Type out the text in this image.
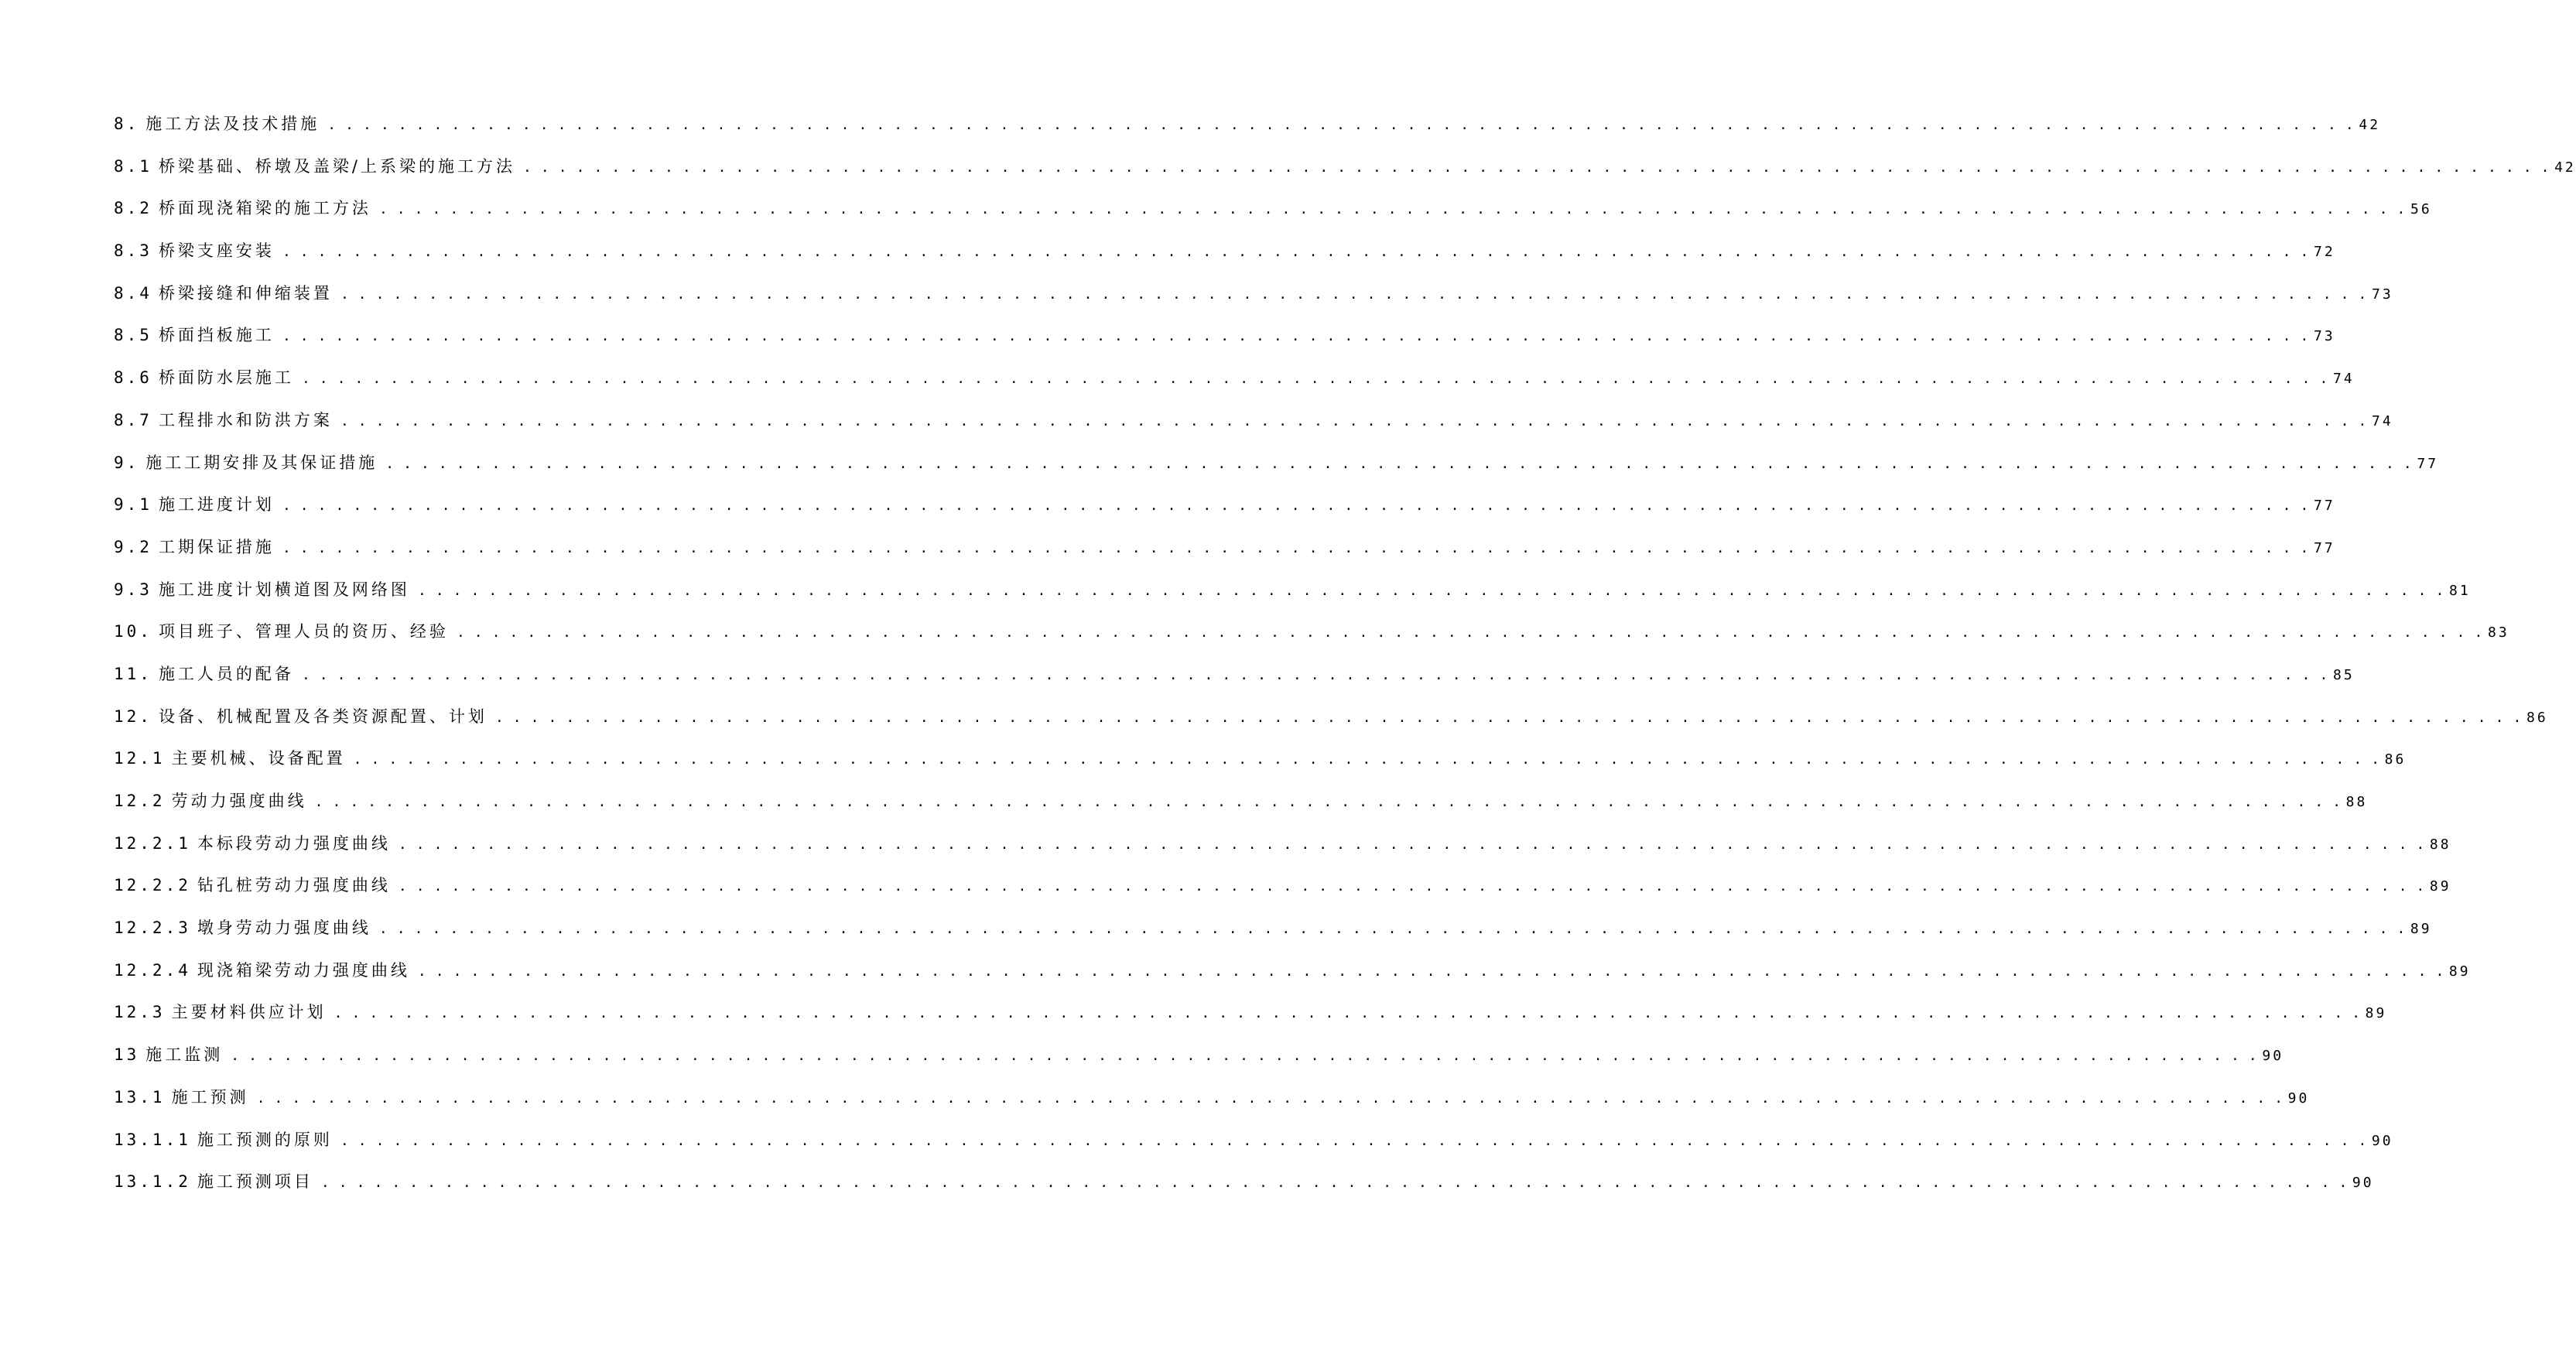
8. 施工方法及技术措施 . . .	42
8.1 桥梁基础、桥墩及盖梁/上系梁的施工方法 . . .	42
8.2 桥面现浇箱梁的施工方法 . . .	56
8.3 桥梁支座安装 . . .	72
8.4 桥梁接缝和伸缩装置 . . .	73
8.5 桥面挡板施工 . . .	73
8.6 桥面防水层施工 . . .	74
8.7 工程排水和防洪方案 . . .	74
9. 施工工期安排及其保证措施 . . .	77
9.1 施工进度计划 . . .	77
9.2 工期保证措施 . . .	77
9.3 施工进度计划横道图及网络图 . . .	81
10. 项目班子、管理人员的资历、经验 . . .	83
11. 施工人员的配备 . . .	85
12. 设备、机械配置及各类资源配置、计划 . . .	86
12.1 主要机械、设备配置 . . .	86
12.2 劳动力强度曲线 . . .	88
12.2.1 本标段劳动力强度曲线 . . .	88
12.2.2 钻孔桩劳动力强度曲线 . . .	89
12.2.3 墩身劳动力强度曲线 . . .	89
12.2.4 现浇箱梁劳动力强度曲线 . . .	89
12.3 主要材料供应计划 . . .	89
13 施工监测 . . .	90
13.1 施工预测 . . .	90
13.1.1 施工预测的原则 . . .	90
13.1.2 施工预测项目 . . .	90
